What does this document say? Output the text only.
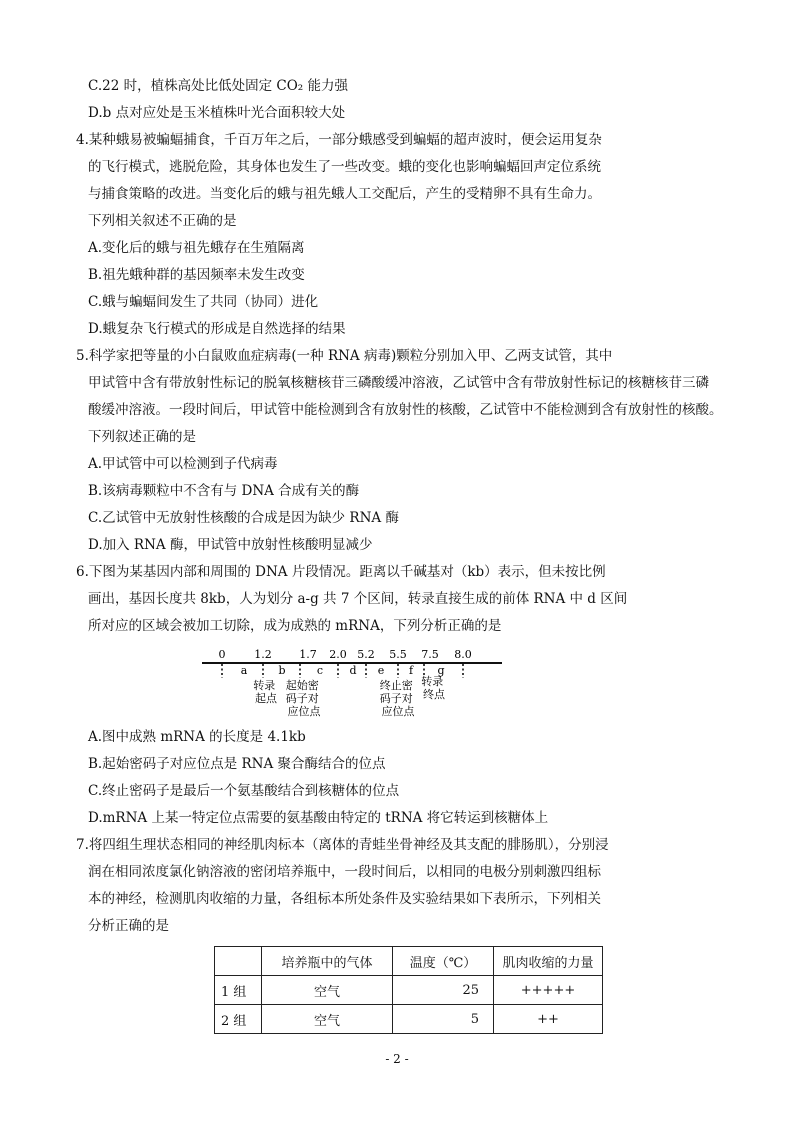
C.22 时，植株高处比低处固定 CO₂ 能力强
D.b 点对应处是玉米植株叶光合面积较大处
4.某种蛾易被蝙蝠捕食，千百万年之后，一部分蛾感受到蝙蝠的超声波时，便会运用复杂
的飞行模式，逃脱危险，其身体也发生了一些改变。蛾的变化也影响蝙蝠回声定位系统
与捕食策略的改进。当变化后的蛾与祖先蛾人工交配后，产生的受精卵不具有生命力。
下列相关叙述不正确的是
A.变化后的蛾与祖先蛾存在生殖隔离
B.祖先蛾种群的基因频率未发生改变
C.蛾与蝙蝠间发生了共同（协同）进化
D.蛾复杂飞行模式的形成是自然选择的结果
5.科学家把等量的小白鼠败血症病毒(一种 RNA 病毒)颗粒分别加入甲、乙两支试管，其中
甲试管中含有带放射性标记的脱氧核糖核苷三磷酸缓冲溶液，乙试管中含有带放射性标记的核糖核苷三磷
酸缓冲溶液。一段时间后，甲试管中能检测到含有放射性的核酸，乙试管中不能检测到含有放射性的核酸。
下列叙述正确的是
A.甲试管中可以检测到子代病毒
B.该病毒颗粒中不含有与 DNA 合成有关的酶
C.乙试管中无放射性核酸的合成是因为缺少 RNA 酶
D.加入 RNA 酶，甲试管中放射性核酸明显减少
6.下图为某基因内部和周围的 DNA 片段情况。距离以千碱基对（kb）表示，但未按比例
画出，基因长度共 8kb，人为划分 a-g 共 7 个区间，转录直接生成的前体 RNA 中 d 区间
所对应的区域会被加工切除，成为成熟的 mRNA，下列分析正确的是
A.图中成熟 mRNA 的长度是 4.1kb
B.起始密码子对应位点是 RNA 聚合酶结合的位点
C.终止密码子是最后一个氨基酸结合到核糖体的位点
D.mRNA 上某一特定位点需要的氨基酸由特定的 tRNA 将它转运到核糖体上
7.将四组生理状态相同的神经肌肉标本（离体的青蛙坐骨神经及其支配的腓肠肌），分别浸
润在相同浓度氯化钠溶液的密闭培养瓶中，一段时间后，以相同的电极分别刺激四组标
本的神经，检测肌肉收缩的力量，各组标本所处条件及实验结果如下表所示，下列相关
分析正确的是
0	1.2	1.7 2.0 5.2 5.5 7.5 8.0
a	b	c d e f g
转录 起点
起始密 码子对 应位点
终止密 码子对 应位点
转录 终点
	培养瓶中的气体	温度（℃）	肌肉收缩的力量
1 组	空气	25	+++++
2 组	空气	5	++
- 2 -
